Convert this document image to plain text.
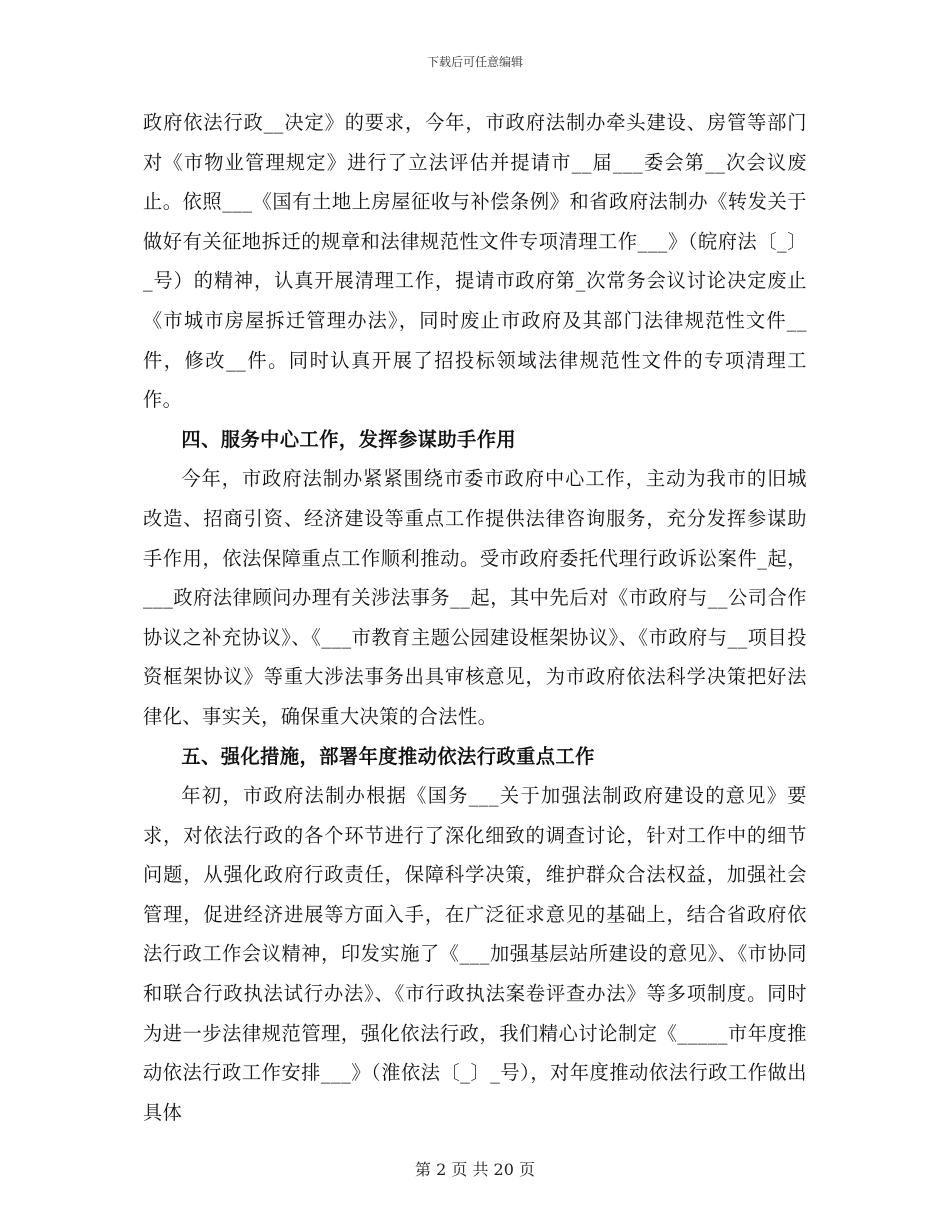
下载后可任意编辑

政府依法行政__决定》的要求，今年，市政府法制办牵头建设、房管等部门对《市物业管理规定》进行了立法评估并提请市__届___委会第__次会议废止。依照___《国有土地上房屋征收与补偿条例》和省政府法制办《转发关于做好有关征地拆迁的规章和法律规范性文件专项清理工作___》（皖府法〔_〕_号）的精神，认真开展清理工作，提请市政府第_次常务会议讨论决定废止《市城市房屋拆迁管理办法》，同时废止市政府及其部门法律规范性文件__件，修改__件。同时认真开展了招投标领域法律规范性文件的专项清理工作。

四、服务中心工作，发挥参谋助手作用

今年，市政府法制办紧紧围绕市委市政府中心工作，主动为我市的旧城改造、招商引资、经济建设等重点工作提供法律咨询服务，充分发挥参谋助手作用，依法保障重点工作顺利推动。受市政府委托代理行政诉讼案件_起，___政府法律顾问办理有关涉法事务__起，其中先后对《市政府与__公司合作协议之补充协议》、《___市教育主题公园建设框架协议》、《市政府与__项目投资框架协议》等重大涉法事务出具审核意见，为市政府依法科学决策把好法律化、事实关，确保重大决策的合法性。

五、强化措施，部署年度推动依法行政重点工作

年初，市政府法制办根据《国务___关于加强法制政府建设的意见》要求，对依法行政的各个环节进行了深化细致的调查讨论，针对工作中的细节问题，从强化政府行政责任，保障科学决策，维护群众合法权益，加强社会管理，促进经济进展等方面入手，在广泛征求意见的基础上，结合省政府依法行政工作会议精神，印发实施了《___加强基层站所建设的意见》、《市协同和联合行政执法试行办法》、《市行政执法案卷评查办法》等多项制度。同时为进一步法律规范管理，强化依法行政，我们精心讨论制定《_____市年度推动依法行政工作安排___》（淮依法〔_〕_号），对年度推动依法行政工作做出具体

第 2 页 共 20 页
